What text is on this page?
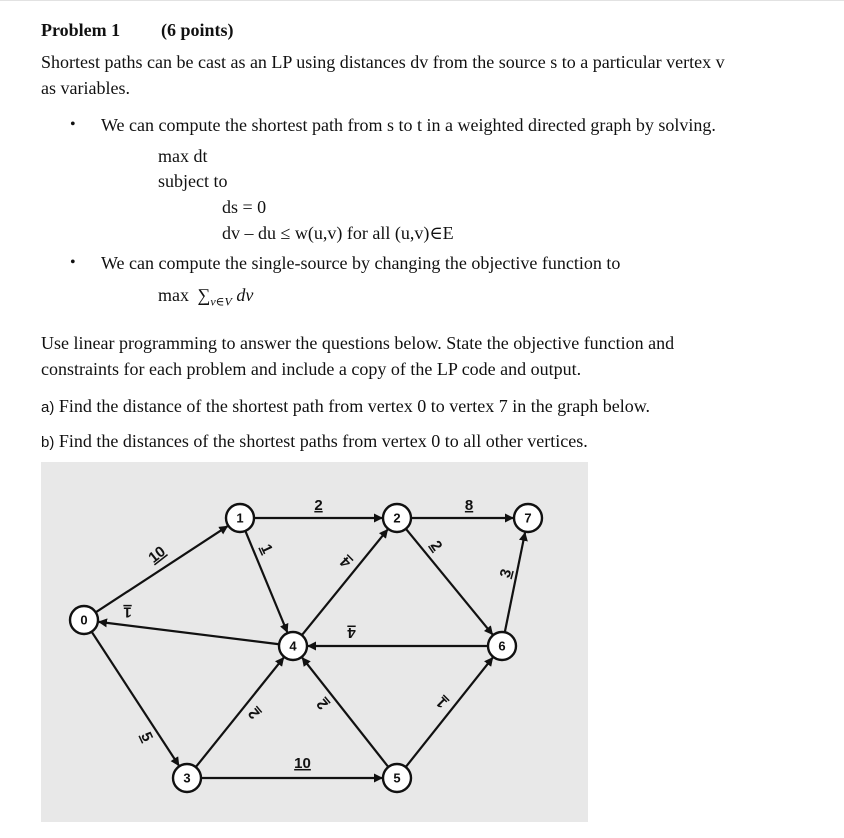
Problem 1 (6 points)
Shortest paths can be cast as an LP using distances dv from the source s to a particular vertex v
as variables.
• We can compute the shortest path from s to t in a weighted directed graph by solving.
max dt
subject to
ds = 0
dv – du ≤ w(u,v) for all (u,v)∈E
• We can compute the single-source by changing the objective function to
$\max \sum_{v\in V}$ dv
Use linear programming to answer the questions below. State the objective function and
constraints for each problem and include a copy of the LP code and output.
a) Find the distance of the shortest path from vertex 0 to vertex 7 in the graph below.
b) Find the distances of the shortest paths from vertex 0 to all other vertices.
10
1
5
2
1
4
2
8
3
4
2
2
10
1
0
1	2
3
4
5
6
7
